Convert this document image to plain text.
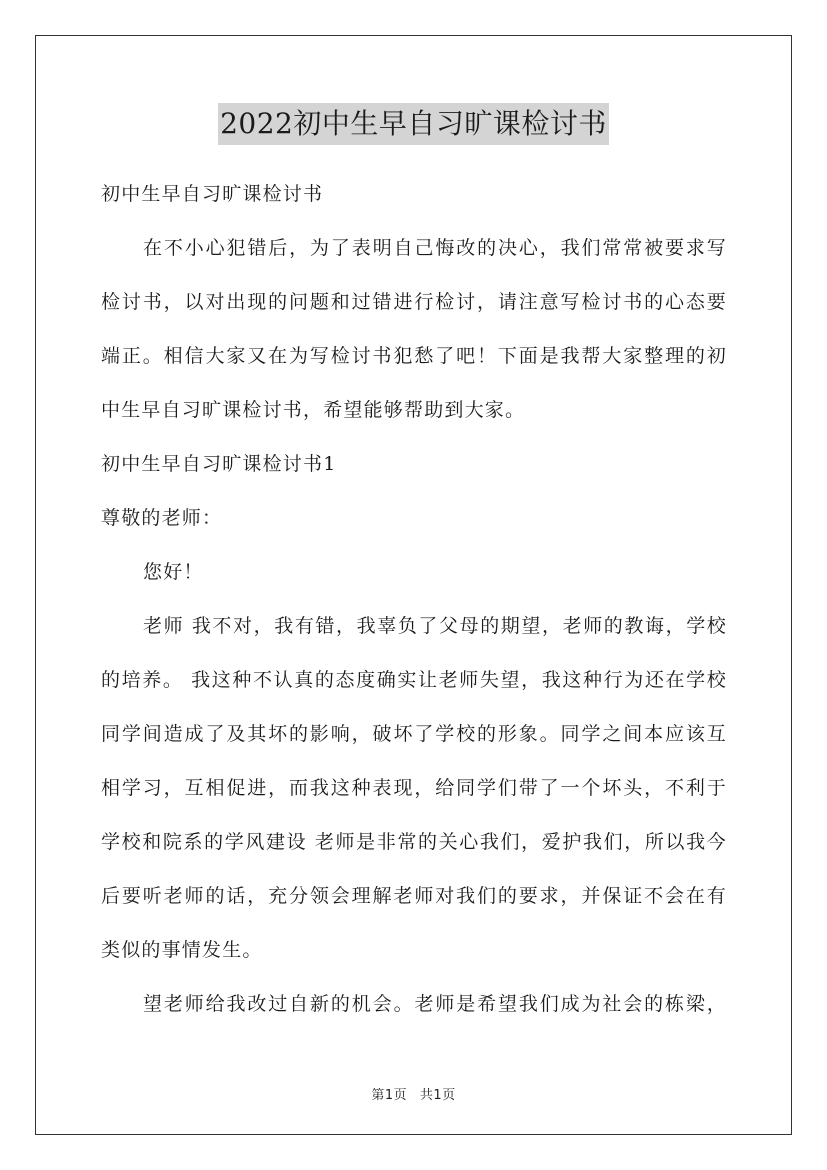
2022初中生早自习旷课检讨书
初中生早自习旷课检讨书
在不小心犯错后，为了表明自己悔改的决心，我们常常被要求写
检讨书，以对出现的问题和过错进行检讨，请注意写检讨书的心态要
端正。相信大家又在为写检讨书犯愁了吧！下面是我帮大家整理的初
中生早自习旷课检讨书，希望能够帮助到大家。
初中生早自习旷课检讨书1
尊敬的老师：
您好！
老师 我不对，我有错，我辜负了父母的期望，老师的教诲，学校
的培养。 我这种不认真的态度确实让老师失望，我这种行为还在学校
同学间造成了及其坏的影响，破坏了学校的形象。同学之间本应该互
相学习，互相促进，而我这种表现，给同学们带了一个坏头，不利于
学校和院系的学风建设 老师是非常的关心我们，爱护我们，所以我今
后要听老师的话，充分领会理解老师对我们的要求，并保证不会在有
类似的事情发生。
望老师给我改过自新的机会。老师是希望我们成为社会的栋梁，
第1页 共1页
